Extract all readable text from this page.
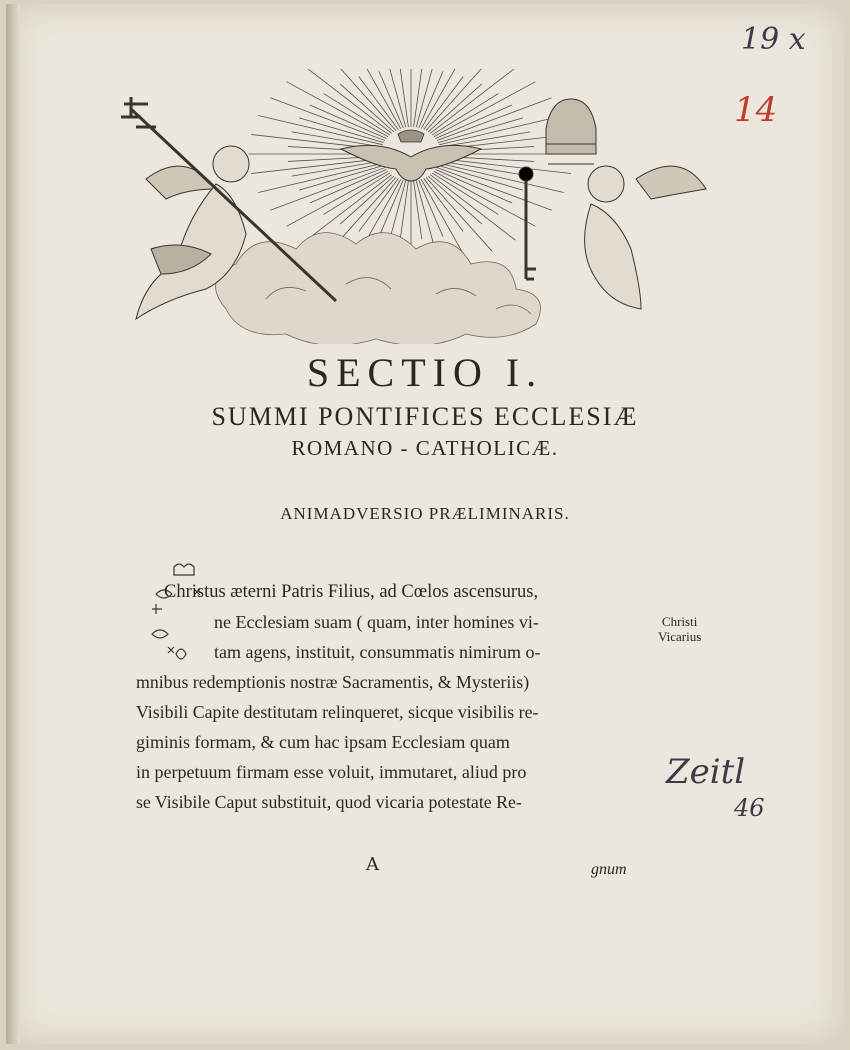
19 x
14
Zeitl
46
SECTIO I.
SUMMI PONTIFICES ECCLESIÆ
ROMANO - CATHOLICÆ.
ANIMADVERSIO PRÆLIMINARIS.
Christi
Vicarius
Christus æterni Patris Filius, ad Cœlos ascensurus,
ne Ecclesiam suam ( quam, inter homines vi-
tam agens, instituit, consummatis nimirum o-
mnibus redemptionis nostræ Sacramentis, & Mysteriis)
Visibili Capite destitutam relinqueret, sicque visibilis re-
giminis formam, & cum hac ipsam Ecclesiam quam
in perpetuum firmam esse voluit, immutaret, aliud pro
se Visibile Caput substituit, quod vicaria potestate Re-
A	gnum
